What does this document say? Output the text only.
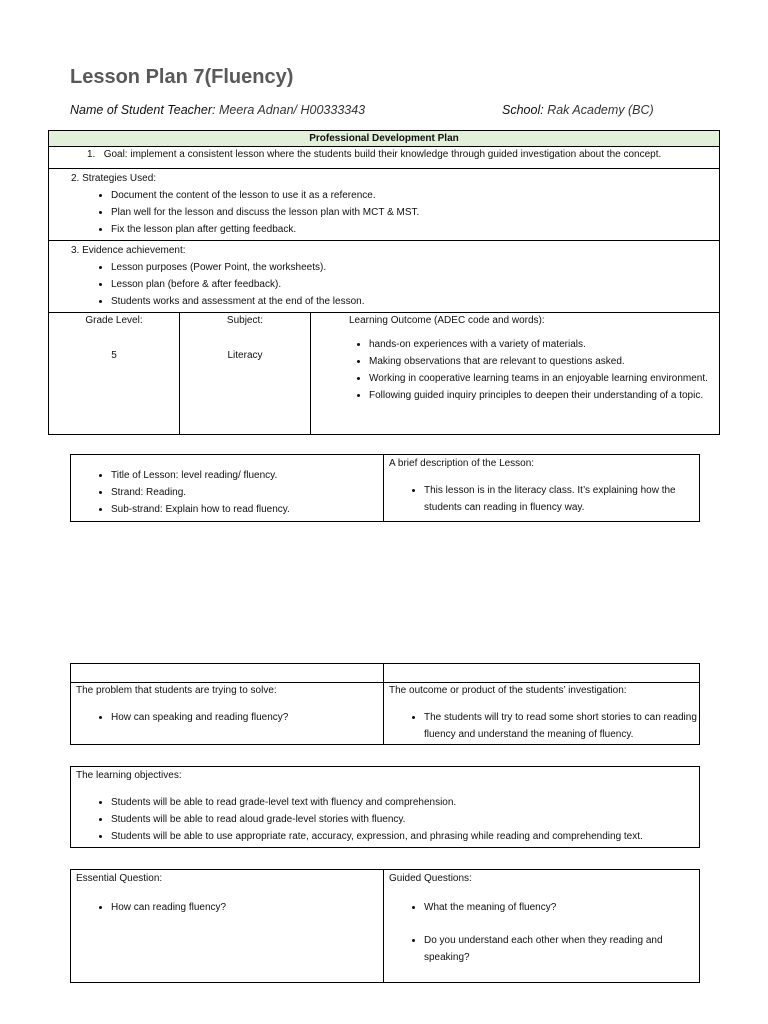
Lesson Plan 7(Fluency)
Name of Student Teacher: Meera Adnan/ H00333343	School: Rak Academy (BC)
Professional Development Plan
1. Goal: implement a consistent lesson where the students build their knowledge through guided investigation about the concept.

2. Strategies Used:
• Document the content of the lesson to use it as a reference.
• Plan well for the lesson and discuss the lesson plan with MCT & MST.
• Fix the lesson plan after getting feedback.

3. Evidence achievement:
• Lesson purposes (Power Point, the worksheets).
• Lesson plan (before & after feedback).
• Students works and assessment at the end of the lesson.

Grade Level:
5

Subject:
Literacy

Learning Outcome (ADEC code and words):
• hands-on experiences with a variety of materials.
• Making observations that are relevant to questions asked.
• Working in cooperative learning teams in an enjoyable learning environment.
• Following guided inquiry principles to deepen their understanding of a topic.
• Title of Lesson: level reading/ fluency.
• Strand: Reading.
• Sub-strand: Explain how to read fluency.
A brief description of the Lesson:
• This lesson is in the literacy class. It’s explaining how the students can reading in fluency way.
The problem that students are trying to solve:
• How can speaking and reading fluency?
The outcome or product of the students’ investigation:
• The students will try to read some short stories to can reading fluency and understand the meaning of fluency.
The learning objectives:
• Students will be able to read grade-level text with fluency and comprehension.
• Students will be able to read aloud grade-level stories with fluency.
• Students will be able to use appropriate rate, accuracy, expression, and phrasing while reading and comprehending text.
Essential Question:
• How can reading fluency?
Guided Questions:
• What the meaning of fluency?
• Do you understand each other when they reading and speaking?
